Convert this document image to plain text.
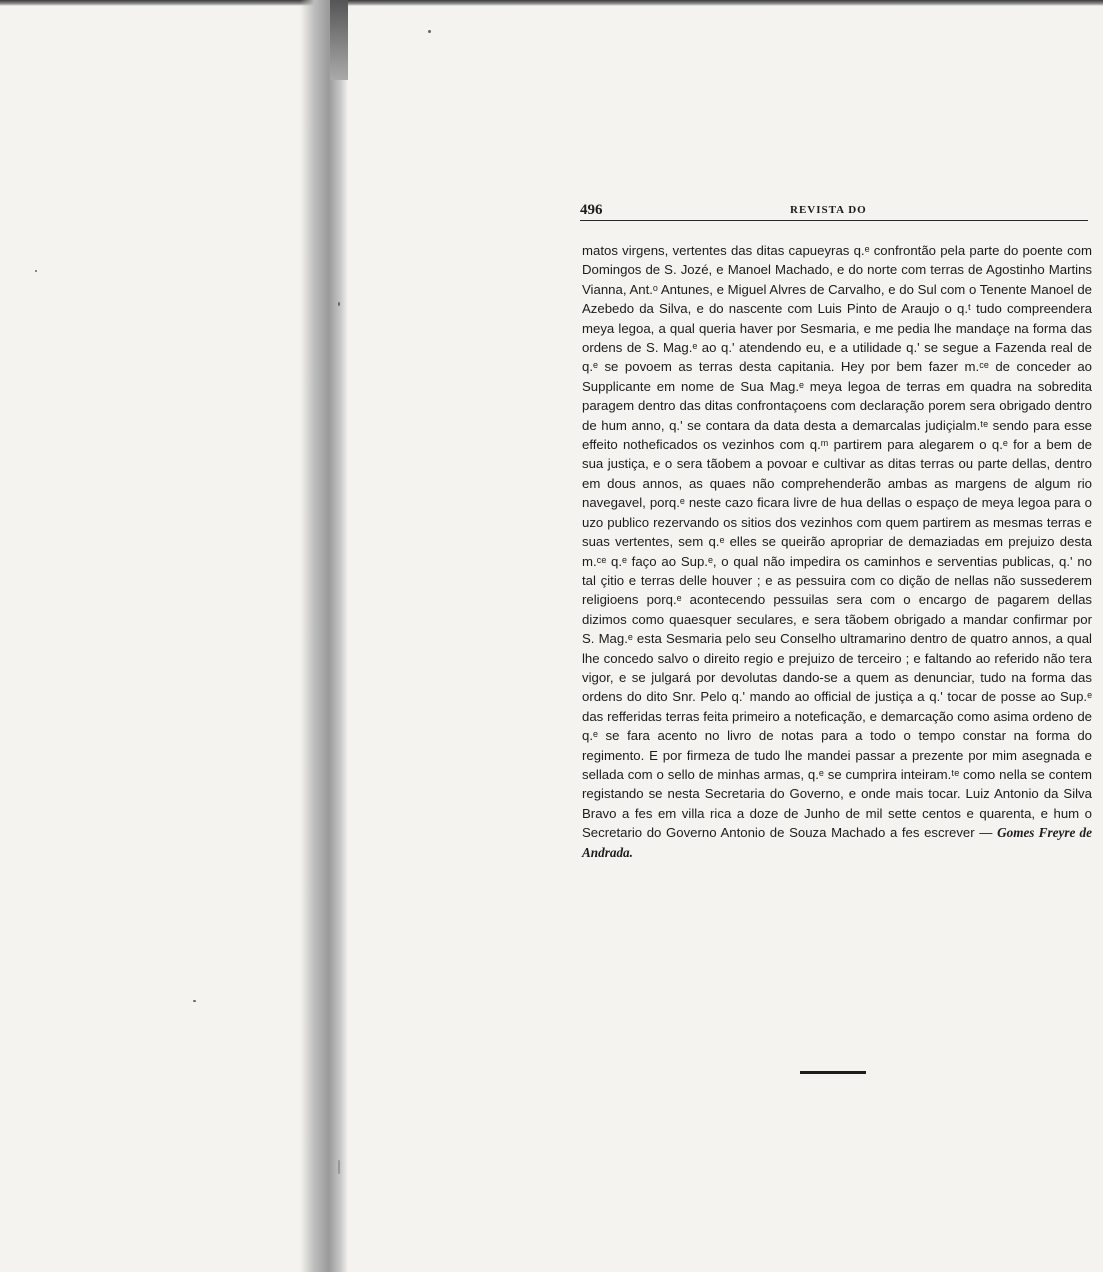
496	REVISTA DO

matos virgens, vertentes das ditas capueyras q.ᵉ confrontão pela parte do poente com Domingos de S. Jozé, e Manoel Machado, e do norte com terras de Agostinho Martins Vianna, Ant.ᵒ Antunes, e Miguel Alvres de Carvalho, e do Sul com o Tenente Manoel de Azebedo da Silva, e do nascente com Luis Pinto de Araujo o q.ᵗ tudo compreendera meya legoa, a qual queria haver por Sesmaria, e me pedia lhe mandaçe na forma das ordens de S. Mag.ᵉ ao q.' atendendo eu, e a utilidade q.' se segue a Fazenda real de q.ᵉ se povoem as terras desta capitania. Hey por bem fazer m.ᶜᵉ de conceder ao Supplicante em nome de Sua Mag.ᵉ meya legoa de terras em quadra na sobredita paragem dentro das ditas confrontaçoens com declaração porem sera obrigado dentro de hum anno, q.' se contara da data desta a demarcalas judiçialm.ᵗᵉ sendo para esse effeito notheficados os vezinhos com q.ᵐ partirem para alegarem o q.ᵉ for a bem de sua justiça, e o sera tãobem a povoar e cultivar as ditas terras ou parte dellas, dentro em dous annos, as quaes não comprehenderão ambas as margens de algum rio navegavel, porq.ᵉ neste cazo ficara livre de hua dellas o espaço de meya legoa para o uzo publico rezervando os sitios dos vezinhos com quem partirem as mesmas terras e suas vertentes, sem q.ᵉ elles se queirão apropriar de demaziadas em prejuizo desta m.ᶜᵉ q.ᵉ faço ao Sup.ᵉ, o qual não impedira os caminhos e serventias publicas, q.' no tal çitio e terras delle houver ; e as pessuira com co dição de nellas não sussederem religioens porq.ᵉ acontecendo pessuilas sera com o encargo de pagarem dellas dizimos como quaesquer seculares, e sera tãobem obrigado a mandar confirmar por S. Mag.ᵉ esta Sesmaria pelo seu Conselho ultramarino dentro de quatro annos, a qual lhe concedo salvo o direito regio e prejuizo de terceiro ; e faltando ao referido não tera vigor, e se julgará por devolutas dando-se a quem as denunciar, tudo na forma das ordens do dito Snr. Pelo q.' mando ao official de justiça a q.' tocar de posse ao Sup.ᵉ das refferidas terras feita primeiro a noteficação, e demarcação como asima ordeno de q.ᵉ se fara acento no livro de notas para a todo o tempo constar na forma do regimento. E por firmeza de tudo lhe mandei passar a prezente por mim asegnada e sellada com o sello de minhas armas, q.ᵉ se cumprira inteiram.ᵗᵉ como nella se contem registando se nesta Secretaria do Governo, e onde mais tocar. Luiz Antonio da Silva Bravo a fes em villa rica a doze de Junho de mil sette centos e quarenta, e hum o Secretario do Governo Antonio de Souza Machado a fes escrever — Gomes Freyre de Andrada.
